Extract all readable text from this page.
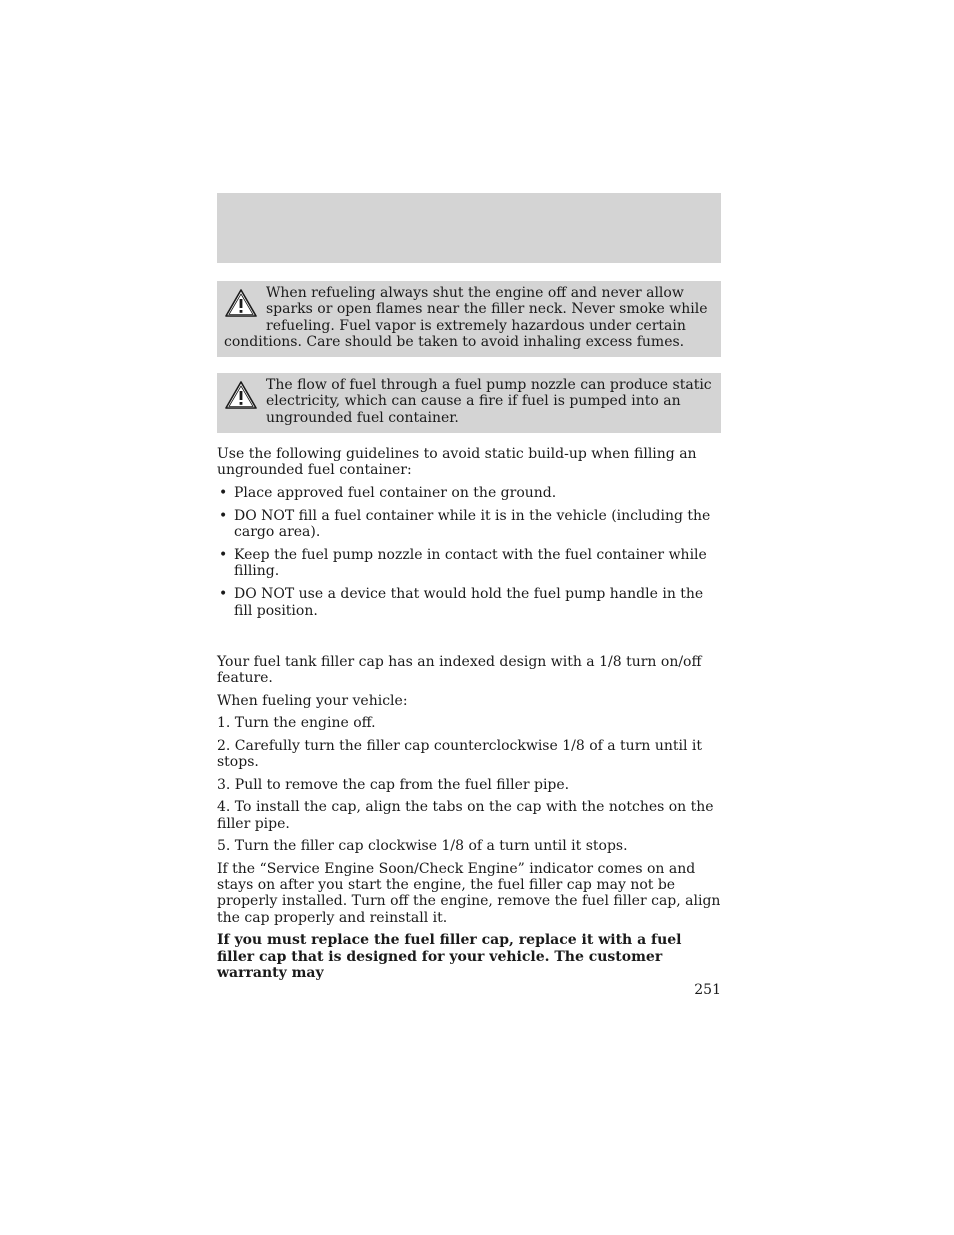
When refueling always shut the engine off and never allow sparks or open flames near the filler neck. Never smoke while refueling. Fuel vapor is extremely hazardous under certain conditions. Care should be taken to avoid inhaling excess fumes.
The flow of fuel through a fuel pump nozzle can produce static electricity, which can cause a fire if fuel is pumped into an ungrounded fuel container.

Use the following guidelines to avoid static build-up when filling an ungrounded fuel container:

• Place approved fuel container on the ground.
• DO NOT fill a fuel container while it is in the vehicle (including the cargo area).
• Keep the fuel pump nozzle in contact with the fuel container while filling.
• DO NOT use a device that would hold the fuel pump handle in the fill position.

Your fuel tank filler cap has an indexed design with a 1/8 turn on/off feature.

When fueling your vehicle:

1. Turn the engine off.

2. Carefully turn the filler cap counterclockwise 1/8 of a turn until it stops.

3. Pull to remove the cap from the fuel filler pipe.

4. To install the cap, align the tabs on the cap with the notches on the filler pipe.

5. Turn the filler cap clockwise 1/8 of a turn until it stops.

If the “Service Engine Soon/Check Engine” indicator comes on and stays on after you start the engine, the fuel filler cap may not be properly installed. Turn off the engine, remove the fuel filler cap, align the cap properly and reinstall it.

If you must replace the fuel filler cap, replace it with a fuel filler cap that is designed for your vehicle. The customer warranty may

251
